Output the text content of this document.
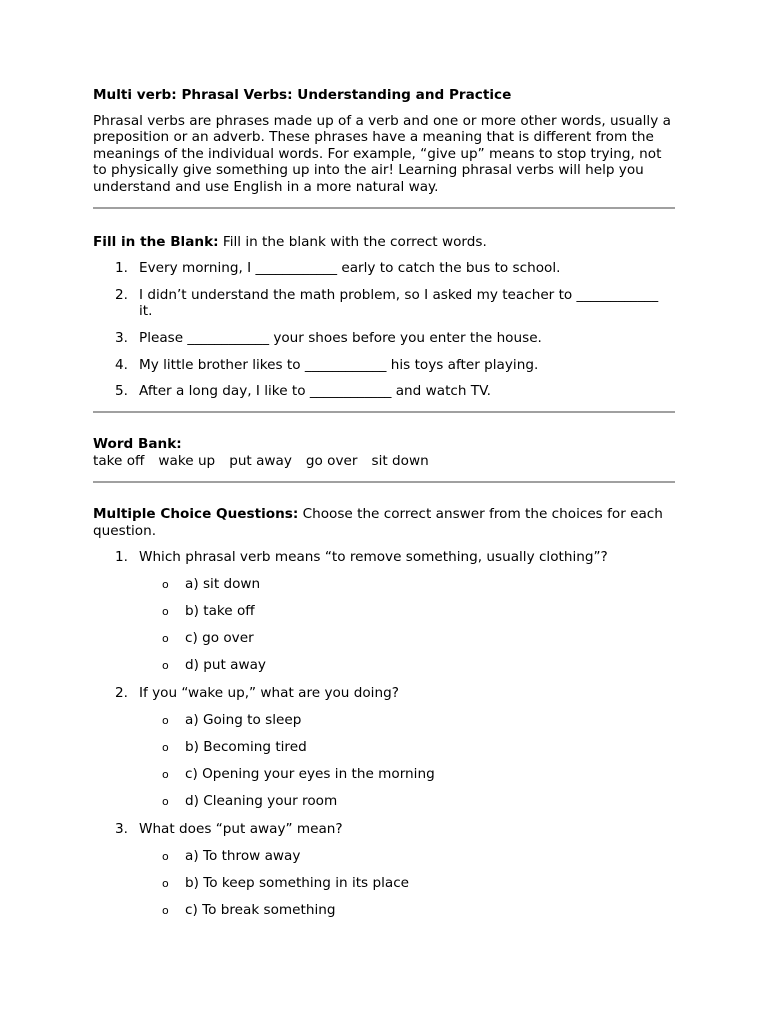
Multi verb: Phrasal Verbs: Understanding and Practice

Phrasal verbs are phrases made up of a verb and one or more other words, usually a preposition or an adverb. These phrases have a meaning that is different from the meanings of the individual words. For example, “give up” means to stop trying, not to physically give something up into the air! Learning phrasal verbs will help you understand and use English in a more natural way.

Fill in the Blank: Fill in the blank with the correct words.

1. Every morning, I ____________ early to catch the bus to school.
2. I didn’t understand the math problem, so I asked my teacher to ____________ it.
3. Please ____________ your shoes before you enter the house.
4. My little brother likes to ____________ his toys after playing.
5. After a long day, I like to ____________ and watch TV.

Word Bank:

take off wake up put away go over sit down

Multiple Choice Questions: Choose the correct answer from the choices for each question.

1. Which phrasal verb means “to remove something, usually clothing”?
o a) sit down
o b) take off
o c) go over
o d) put away
2. If you “wake up,” what are you doing?
o a) Going to sleep
o b) Becoming tired
o c) Opening your eyes in the morning
o d) Cleaning your room
3. What does “put away” mean?
o a) To throw away
o b) To keep something in its place
o c) To break something
